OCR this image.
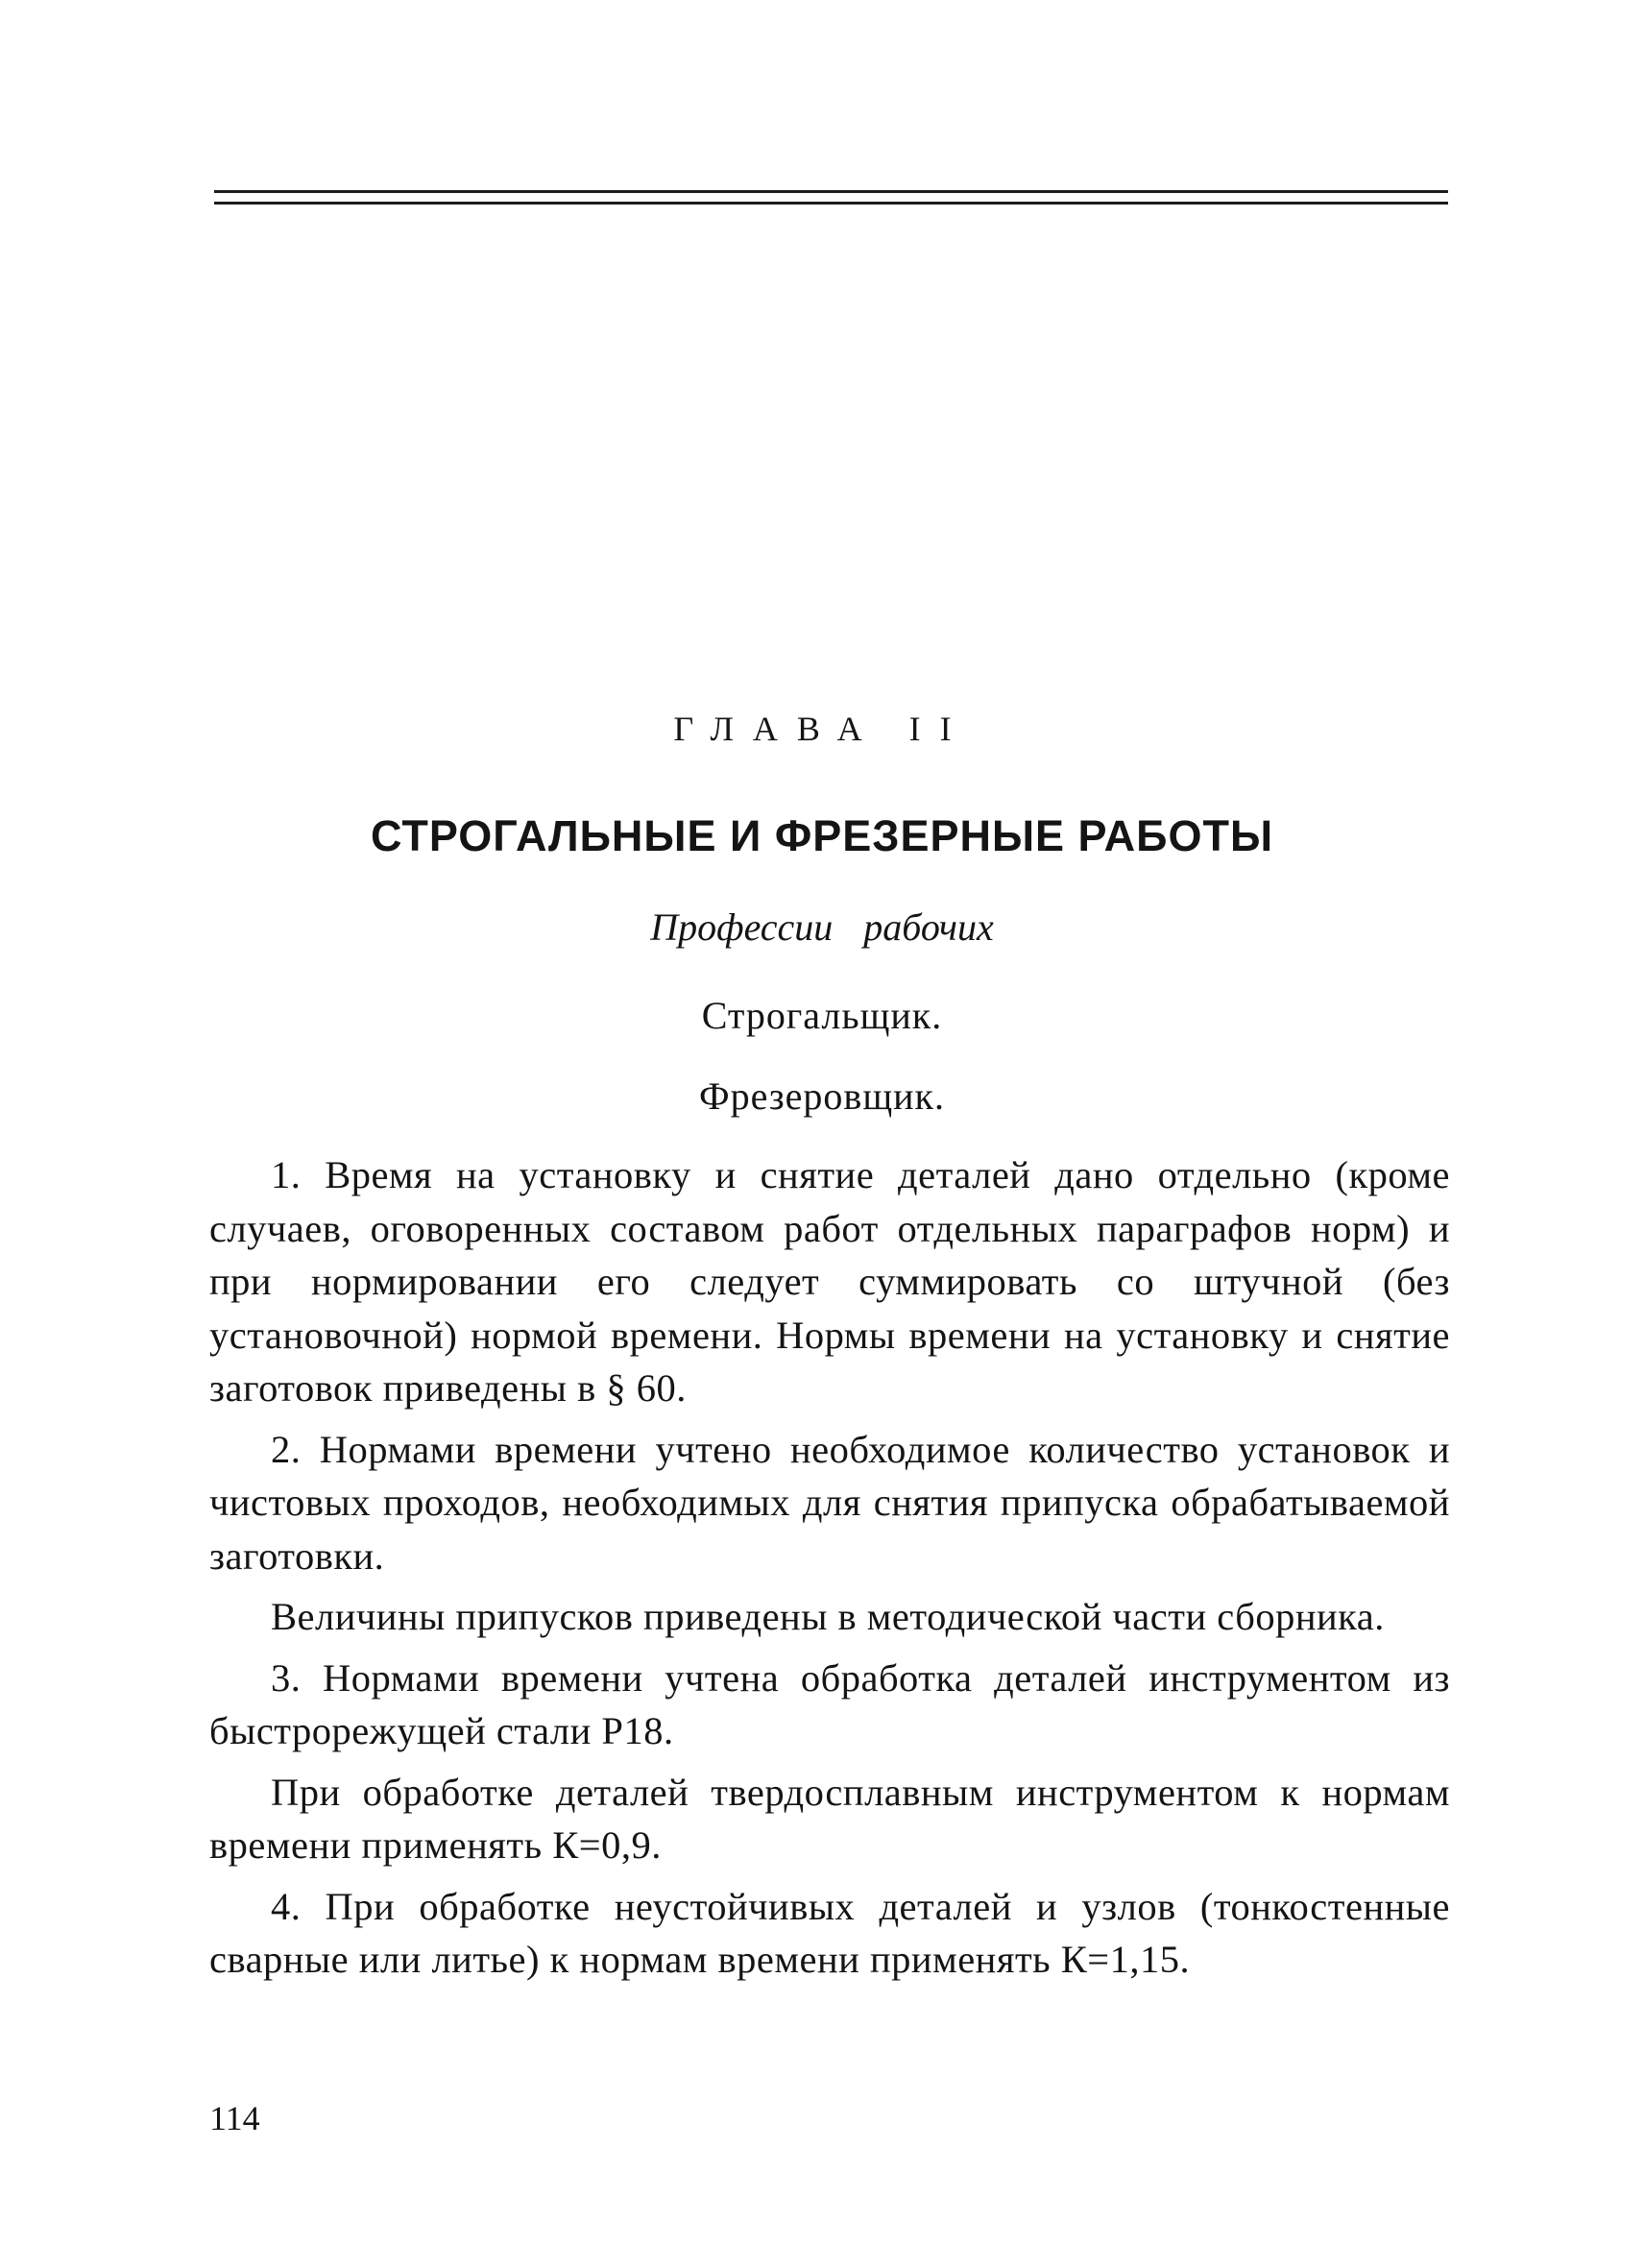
ГЛАВА II
СТРОГАЛЬНЫЕ И ФРЕЗЕРНЫЕ РАБОТЫ
Профессии рабочих
Строгальщик.
Фрезеровщик.

1. Время на установку и снятие деталей дано отдельно (кроме случаев, оговоренных составом работ отдельных параграфов норм) и при нормировании его следует суммировать со штучной (без установочной) нормой времени. Нормы времени на установку и снятие заготовок приведены в § 60.

2. Нормами времени учтено необходимое количество установок и чистовых проходов, необходимых для снятия припуска обрабатываемой заготовки.

Величины припусков приведены в методической части сборника.

3. Нормами времени учтена обработка деталей инструментом из быстрорежущей стали Р18.

При обработке деталей твердосплавным инструментом к нормам времени применять К=0,9.

4. При обработке неустойчивых деталей и узлов (тонкостенные сварные или литье) к нормам времени применять К=1,15.

114
